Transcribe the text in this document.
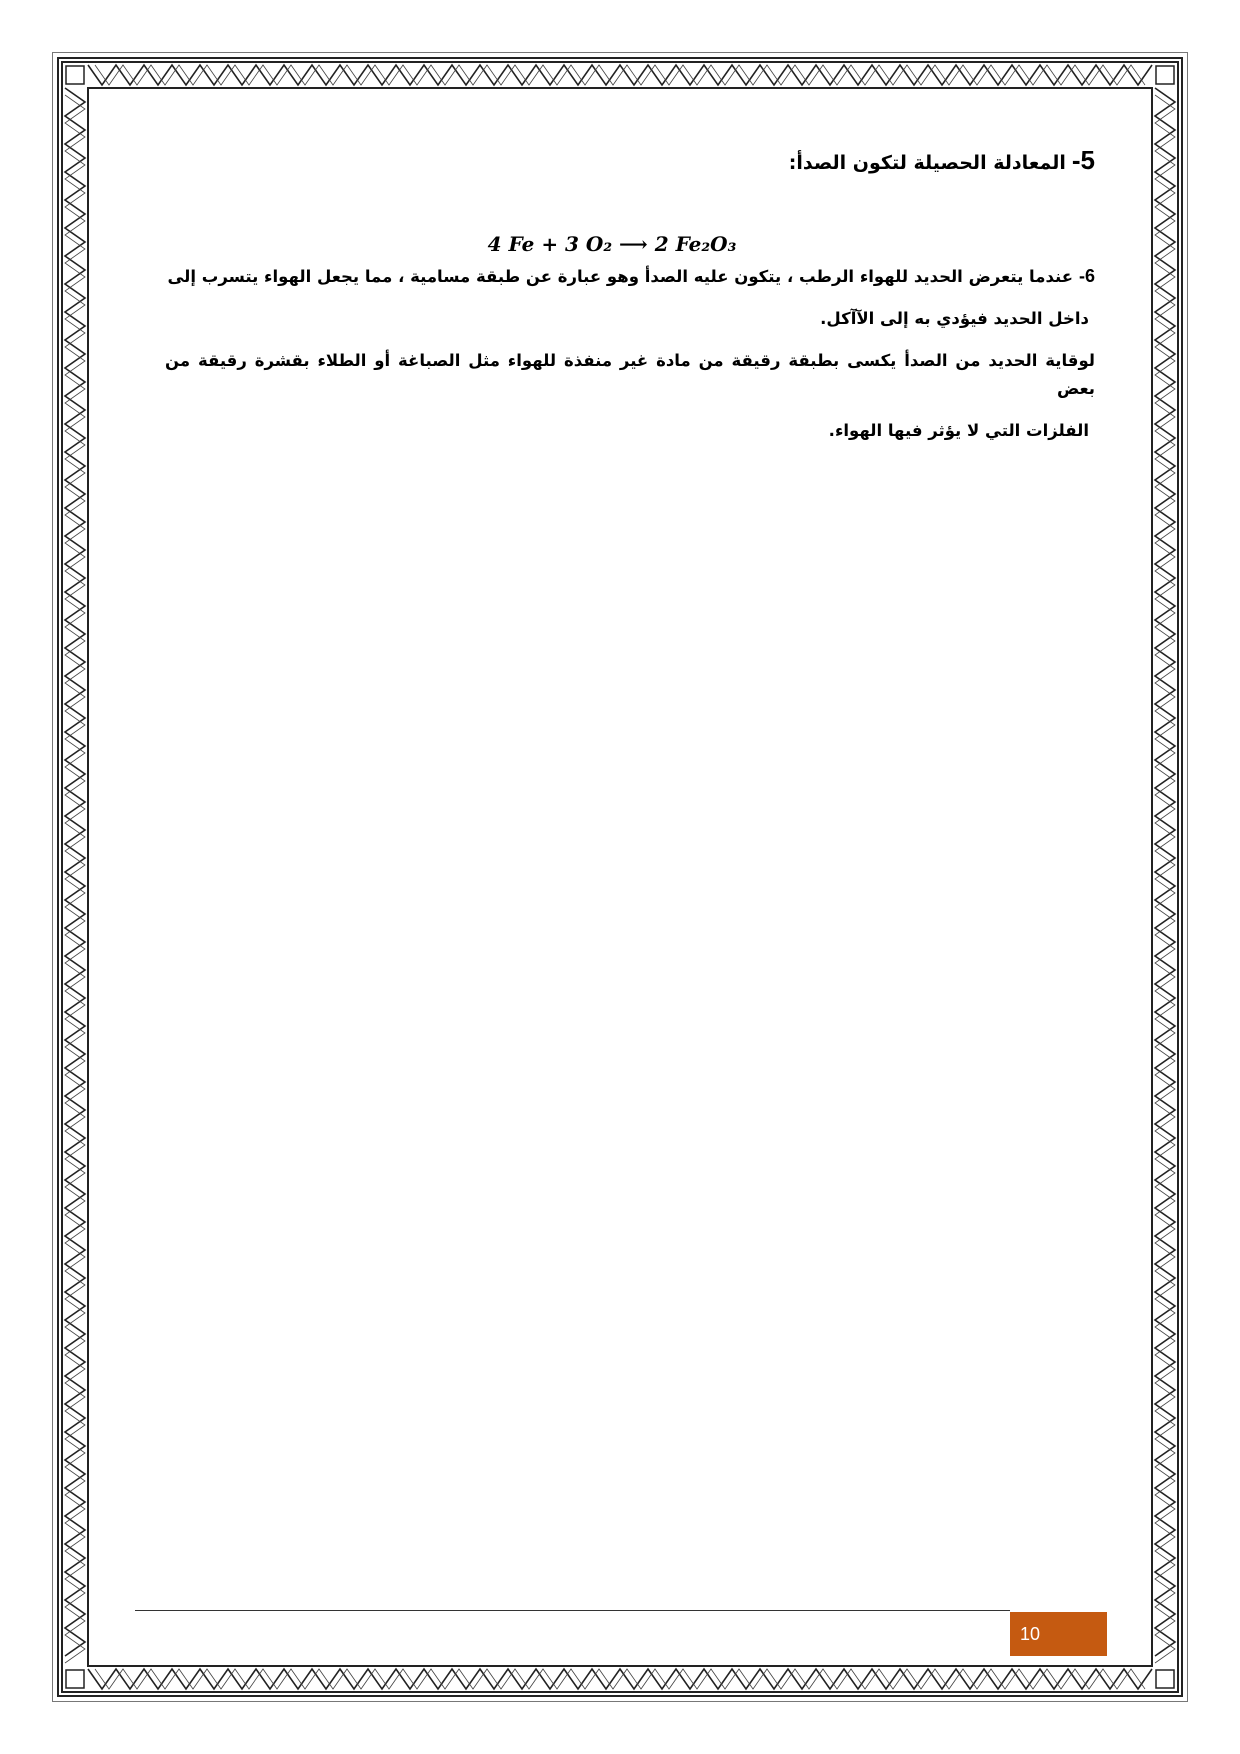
5-المعادلة الحصيلة لتكون الصدأ:

4 Fe + 3 O₂ ⟶ 2 Fe₂O₃

6-عندما يتعرض الحديد للهواء الرطب ، يتكون عليه الصدأ وهو عبارة عن طبقة مسامية ، مما يجعل الهواء يتسرب إلى

داخل الحديد فيؤدي به إلى الآآكل.

لوقاية الحديد من الصدأ يكسى بطبقة رقيقة من مادة غير منفذة للهواء مثل الصباغة أو الطلاء بقشرة رقيقة من بعض

الفلزات التي لا يؤثر فيها الهواء.

10
